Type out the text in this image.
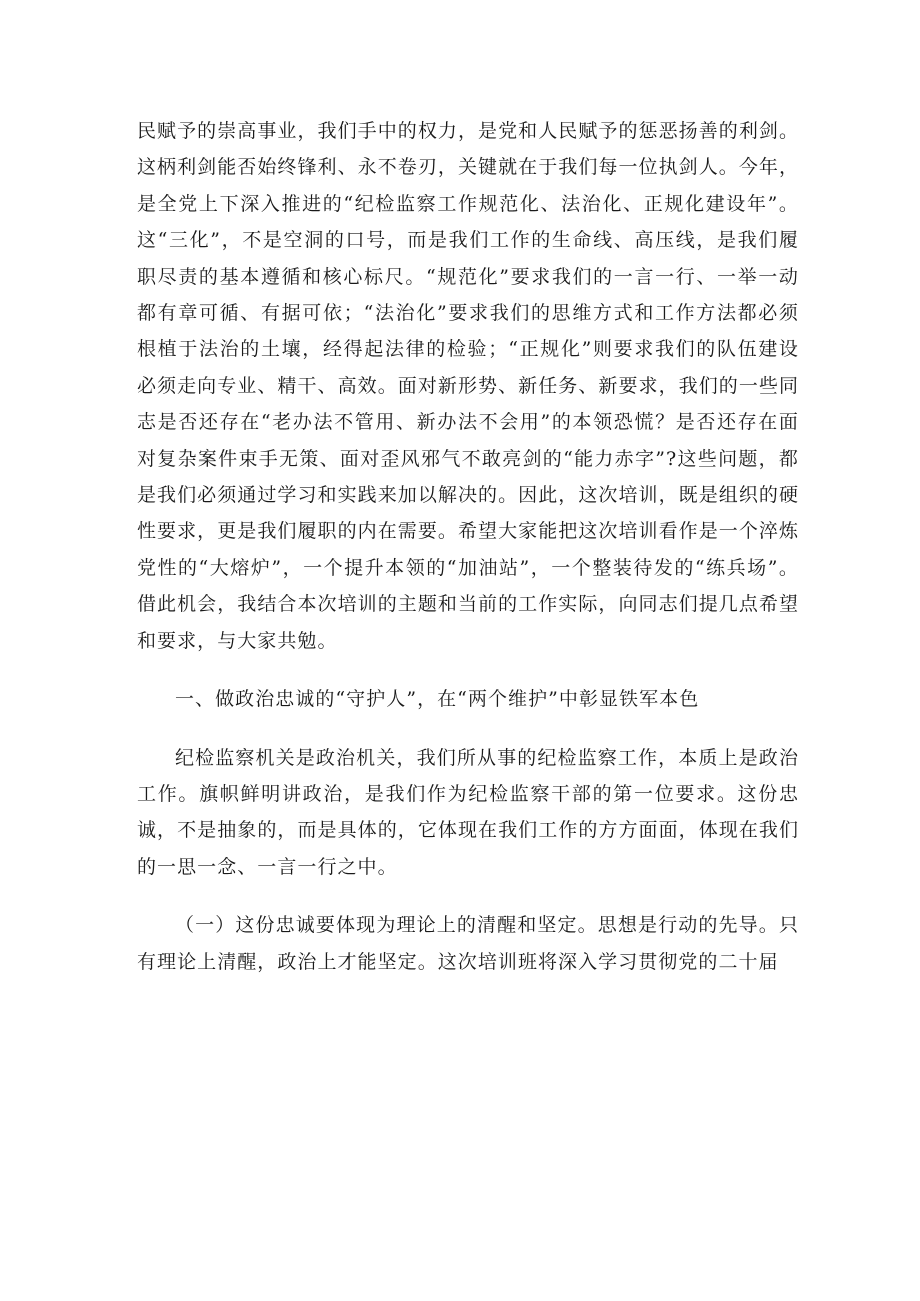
民赋予的崇高事业，我们手中的权力，是党和人民赋予的惩恶扬善的利剑。这柄利剑能否始终锋利、永不卷刃，关键就在于我们每一位执剑人。今年，是全党上下深入推进的“纪检监察工作规范化、法治化、正规化建设年”。这“三化”，不是空洞的口号，而是我们工作的生命线、高压线，是我们履职尽责的基本遵循和核心标尺。“规范化”要求我们的一言一行、一举一动都有章可循、有据可依；“法治化”要求我们的思维方式和工作方法都必须根植于法治的土壤，经得起法律的检验；“正规化”则要求我们的队伍建设必须走向专业、精干、高效。面对新形势、新任务、新要求，我们的一些同志是否还存在“老办法不管用、新办法不会用”的本领恐慌？是否还存在面对复杂案件束手无策、面对歪风邪气不敢亮剑的“能力赤字”?这些问题，都是我们必须通过学习和实践来加以解决的。因此，这次培训，既是组织的硬性要求，更是我们履职的内在需要。希望大家能把这次培训看作是一个淬炼党性的“大熔炉”，一个提升本领的“加油站”，一个整装待发的“练兵场”。借此机会，我结合本次培训的主题和当前的工作实际，向同志们提几点希望和要求，与大家共勉。

一、做政治忠诚的“守护人”，在“两个维护”中彰显铁军本色

纪检监察机关是政治机关，我们所从事的纪检监察工作，本质上是政治工作。旗帜鲜明讲政治，是我们作为纪检监察干部的第一位要求。这份忠诚，不是抽象的，而是具体的，它体现在我们工作的方方面面，体现在我们的一思一念、一言一行之中。

（一）这份忠诚要体现为理论上的清醒和坚定。思想是行动的先导。只有理论上清醒，政治上才能坚定。这次培训班将深入学习贯彻党的二十届
